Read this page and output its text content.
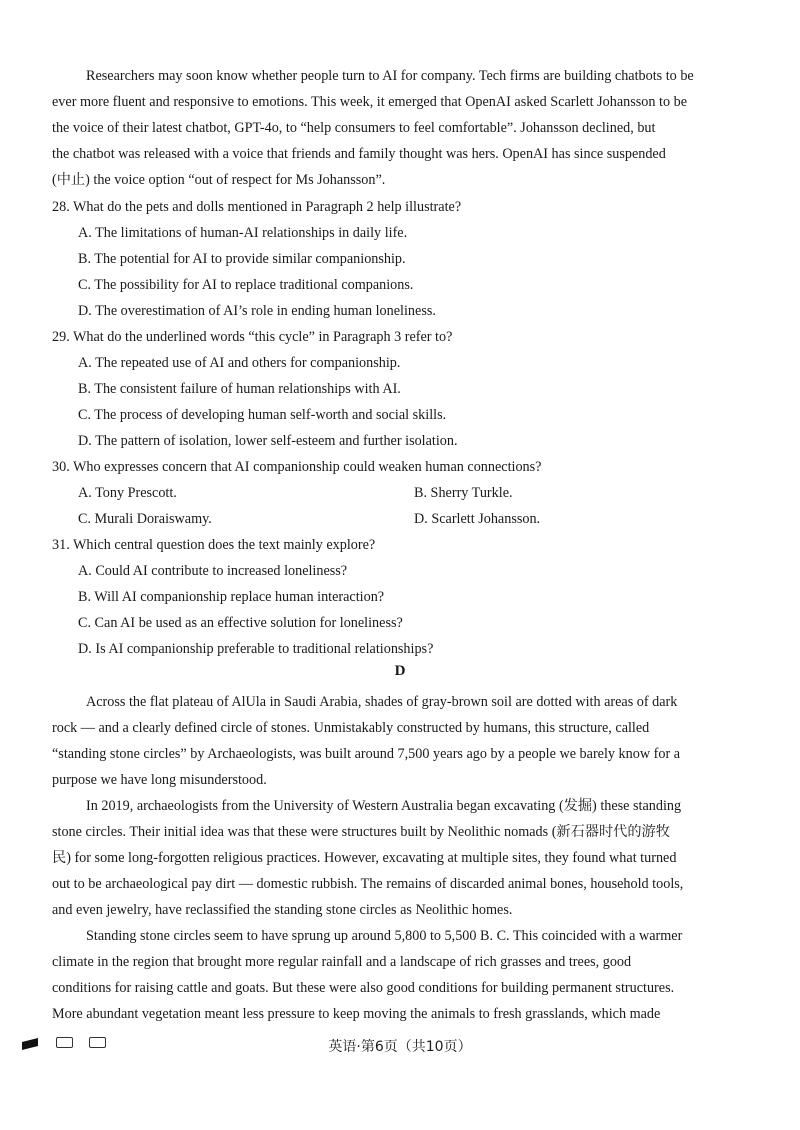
Researchers may soon know whether people turn to AI for company. Tech firms are building chatbots to be
ever more fluent and responsive to emotions. This week, it emerged that OpenAI asked Scarlett Johansson to be
the voice of their latest chatbot, GPT-4o, to “help consumers to feel comfortable”. Johansson declined, but
the chatbot was released with a voice that friends and family thought was hers. OpenAI has since suspended
(中止) the voice option “out of respect for Ms Johansson”.
28. What do the pets and dolls mentioned in Paragraph 2 help illustrate?
A. The limitations of human-AI relationships in daily life.
B. The potential for AI to provide similar companionship.
C. The possibility for AI to replace traditional companions.
D. The overestimation of AI’s role in ending human loneliness.
29. What do the underlined words “this cycle” in Paragraph 3 refer to?
A. The repeated use of AI and others for companionship.
B. The consistent failure of human relationships with AI.
C. The process of developing human self-worth and social skills.
D. The pattern of isolation, lower self-esteem and further isolation.
30. Who expresses concern that AI companionship could weaken human connections?
A. Tony Prescott.	B. Sherry Turkle.
C. Murali Doraiswamy.	D. Scarlett Johansson.
31. Which central question does the text mainly explore?
A. Could AI contribute to increased loneliness?
B. Will AI companionship replace human interaction?
C. Can AI be used as an effective solution for loneliness?
D. Is AI companionship preferable to traditional relationships?
D
Across the flat plateau of AlUla in Saudi Arabia, shades of gray-brown soil are dotted with areas of dark
rock — and a clearly defined circle of stones. Unmistakably constructed by humans, this structure, called
“standing stone circles” by Archaeologists, was built around 7,500 years ago by a people we barely know for a
purpose we have long misunderstood.
In 2019, archaeologists from the University of Western Australia began excavating (发掘) these standing
stone circles. Their initial idea was that these were structures built by Neolithic nomads (新石器时代的游牧
民) for some long-forgotten religious practices. However, excavating at multiple sites, they found what turned
out to be archaeological pay dirt — domestic rubbish. The remains of discarded animal bones, household tools,
and even jewelry, have reclassified the standing stone circles as Neolithic homes.
Standing stone circles seem to have sprung up around 5,800 to 5,500 B. C. This coincided with a warmer
climate in the region that brought more regular rainfall and a landscape of rich grasses and trees, good
conditions for raising cattle and goats. But these were also good conditions for building permanent structures.
More abundant vegetation meant less pressure to keep moving the animals to fresh grasslands, which made
英语·第6页（共10页）
